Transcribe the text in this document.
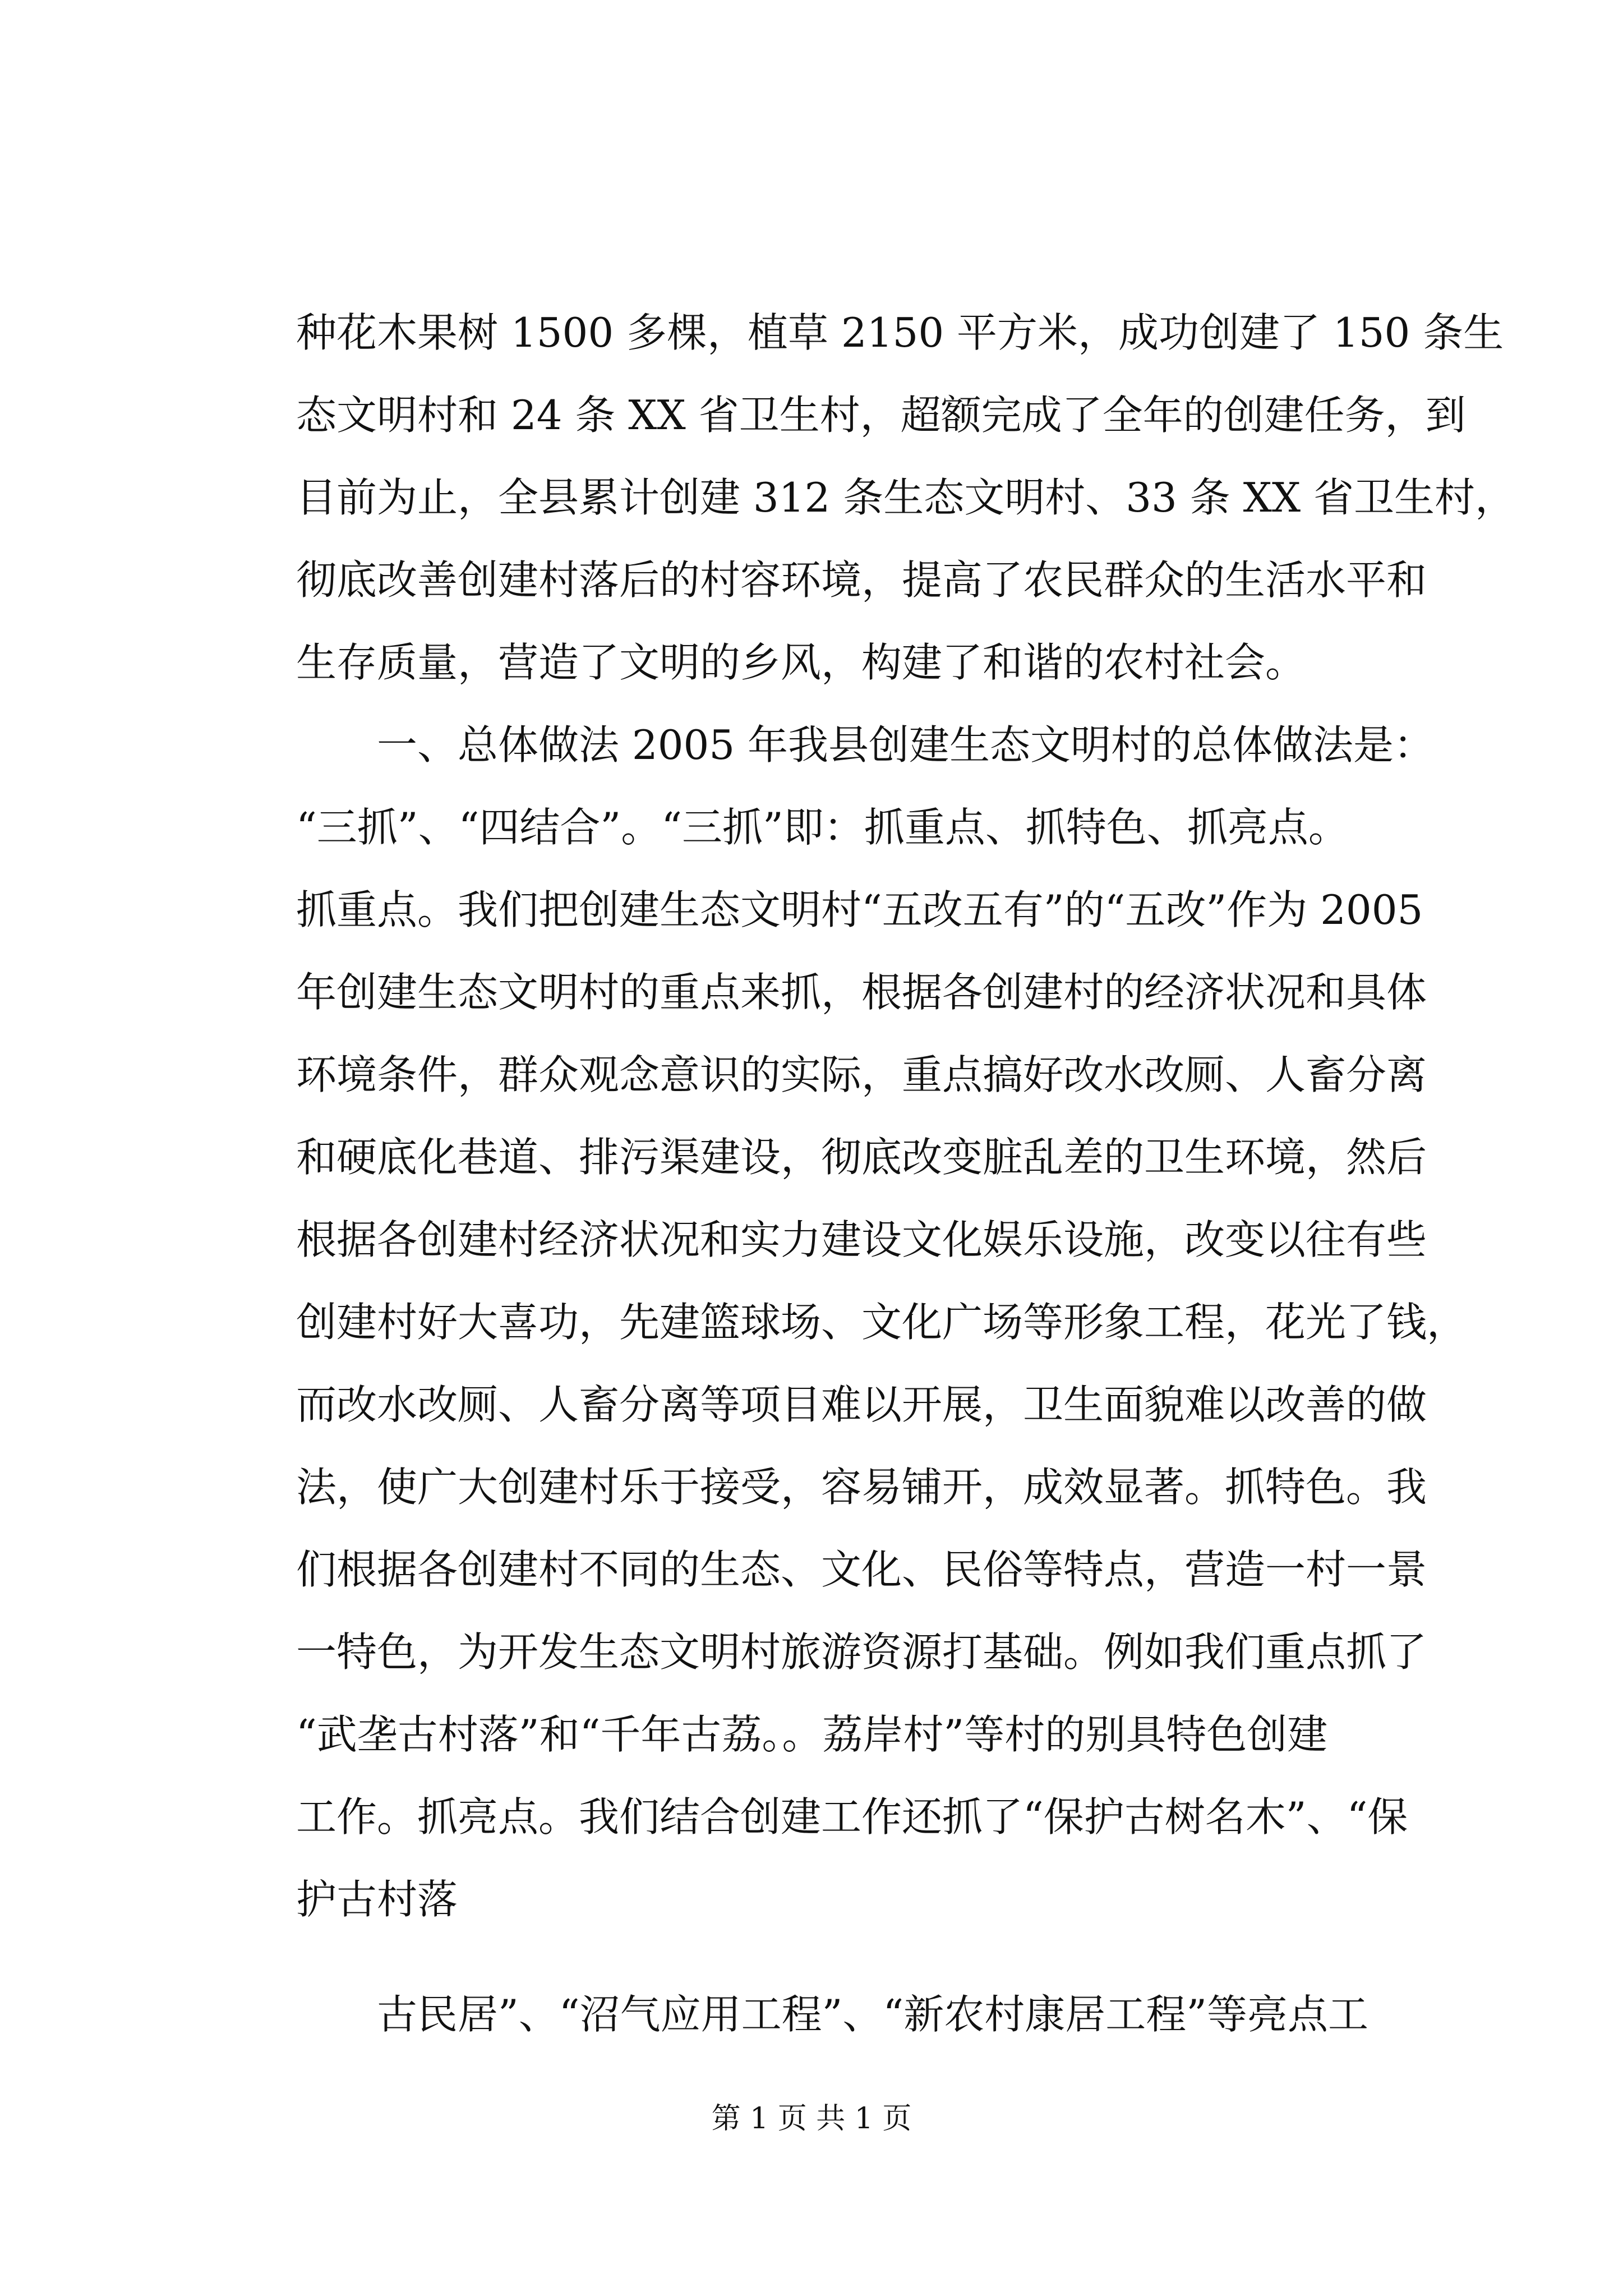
种花木果树 1500 多棵，植草 2150 平方米，成功创建了 150 条生
态文明村和 24 条 XX 省卫生村，超额完成了全年的创建任务，到
目前为止，全县累计创建 312 条生态文明村、33 条 XX 省卫生村，
彻底改善创建村落后的村容环境，提高了农民群众的生活水平和
生存质量，营造了文明的乡风，构建了和谐的农村社会。
　　一、总体做法 2005 年我县创建生态文明村的总体做法是：
“三抓”、“四结合”。“三抓”即：抓重点、抓特色、抓亮点。
抓重点。我们把创建生态文明村“五改五有”的“五改”作为 2005
年创建生态文明村的重点来抓，根据各创建村的经济状况和具体
环境条件，群众观念意识的实际，重点搞好改水改厕、人畜分离
和硬底化巷道、排污渠建设，彻底改变脏乱差的卫生环境，然后
根据各创建村经济状况和实力建设文化娱乐设施，改变以往有些
创建村好大喜功，先建篮球场、文化广场等形象工程，花光了钱，
而改水改厕、人畜分离等项目难以开展，卫生面貌难以改善的做
法，使广大创建村乐于接受，容易铺开，成效显著。抓特色。我
们根据各创建村不同的生态、文化、民俗等特点，营造一村一景
一特色，为开发生态文明村旅游资源打基础。例如我们重点抓了
“武垄古村落”和“千年古荔。。荔岸村”等村的别具特色创建
工作。抓亮点。我们结合创建工作还抓了“保护古树名木”、“保
护古村落
　　古民居”、“沼气应用工程”、“新农村康居工程”等亮点工
第 1 页 共 1 页
